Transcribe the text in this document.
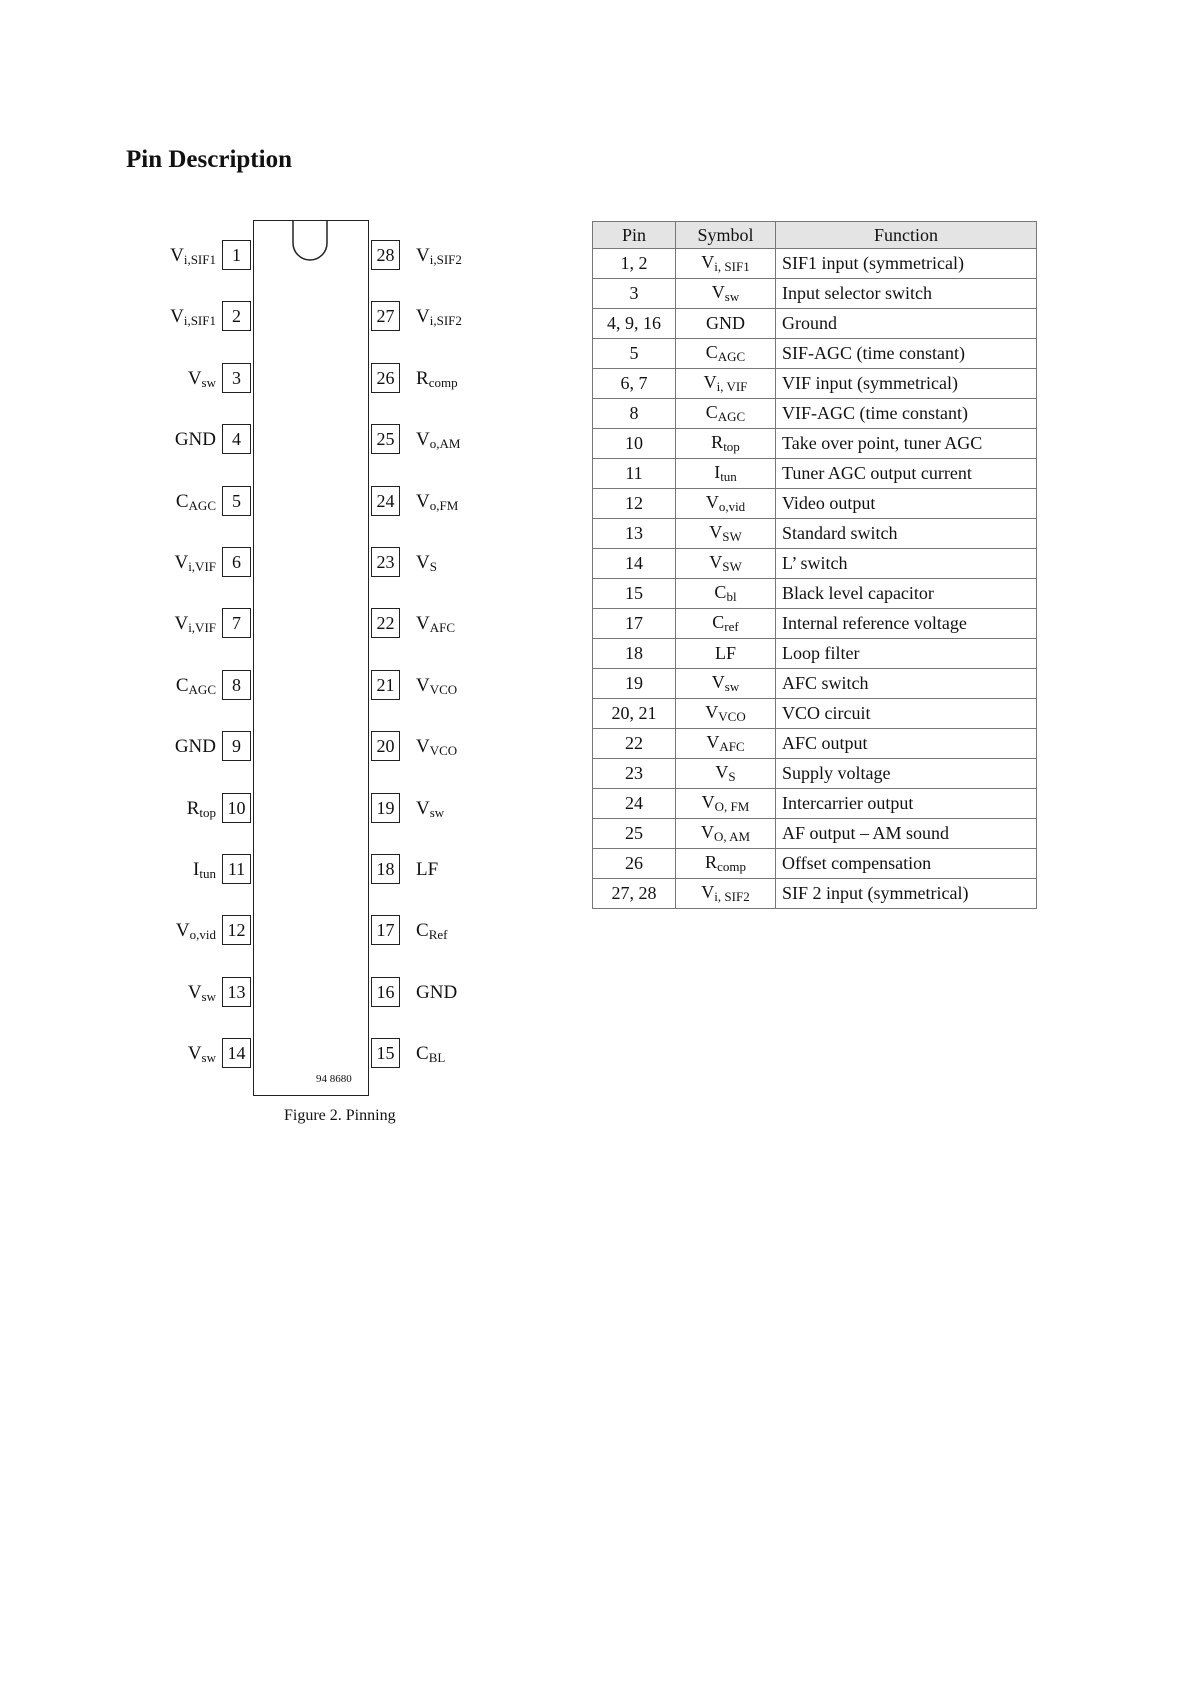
Pin Description
1
$V_{i,SIF1}$
2
$V_{i,SIF1}$
3
$V_{sw}$
4
GND
5
$C_{AGC}$
6
$V_{i,VIF}$
7
$V_{i,VIF}$
8
$C_{AGC}$
9
GND
10
$R_{top}$
11
$I_{tun}$
12
$V_{o,vid}$
13
$V_{sw}$
14
$V_{sw}$
28 $V_{i,SIF2}$
27 $V_{i,SIF2}$
26 $R_{comp}$
25 $V_{o,AM}$
24 $V_{o,FM}$
23 $V_S$
22 $V_{AFC}$
21 $V_{VCO}$
20 $V_{VCO}$
19 $V_{sw}$
18 LF
17 $C_{Ref}$
16 GND
15 $C_{BL}$
94 8680
Figure 2. Pinning
Pin	Symbol	Function
1, 2	Vi, SIF1	SIF1 input (symmetrical)
3	Vsw	Input selector switch
4, 9, 16	GND	Ground
5	CAGC	SIF-AGC (time constant)
6, 7	Vi, VIF	VIF input (symmetrical)
8	CAGC	VIF-AGC (time constant)
10	Rtop	Take over point, tuner AGC
11	Itun	Tuner AGC output current
12	Vo,vid	Video output
13	VSW	Standard switch
14	VSW	L’ switch
15	Cbl	Black level capacitor
17	Cref	Internal reference voltage
18	LF	Loop filter
19	Vsw	AFC switch
20, 21	VVCO	VCO circuit
22	VAFC	AFC output
23	VS	Supply voltage
24	VO, FM	Intercarrier output
25	VO, AM	AF output – AM sound
26	Rcomp	Offset compensation
27, 28	Vi, SIF2	SIF 2 input (symmetrical)
